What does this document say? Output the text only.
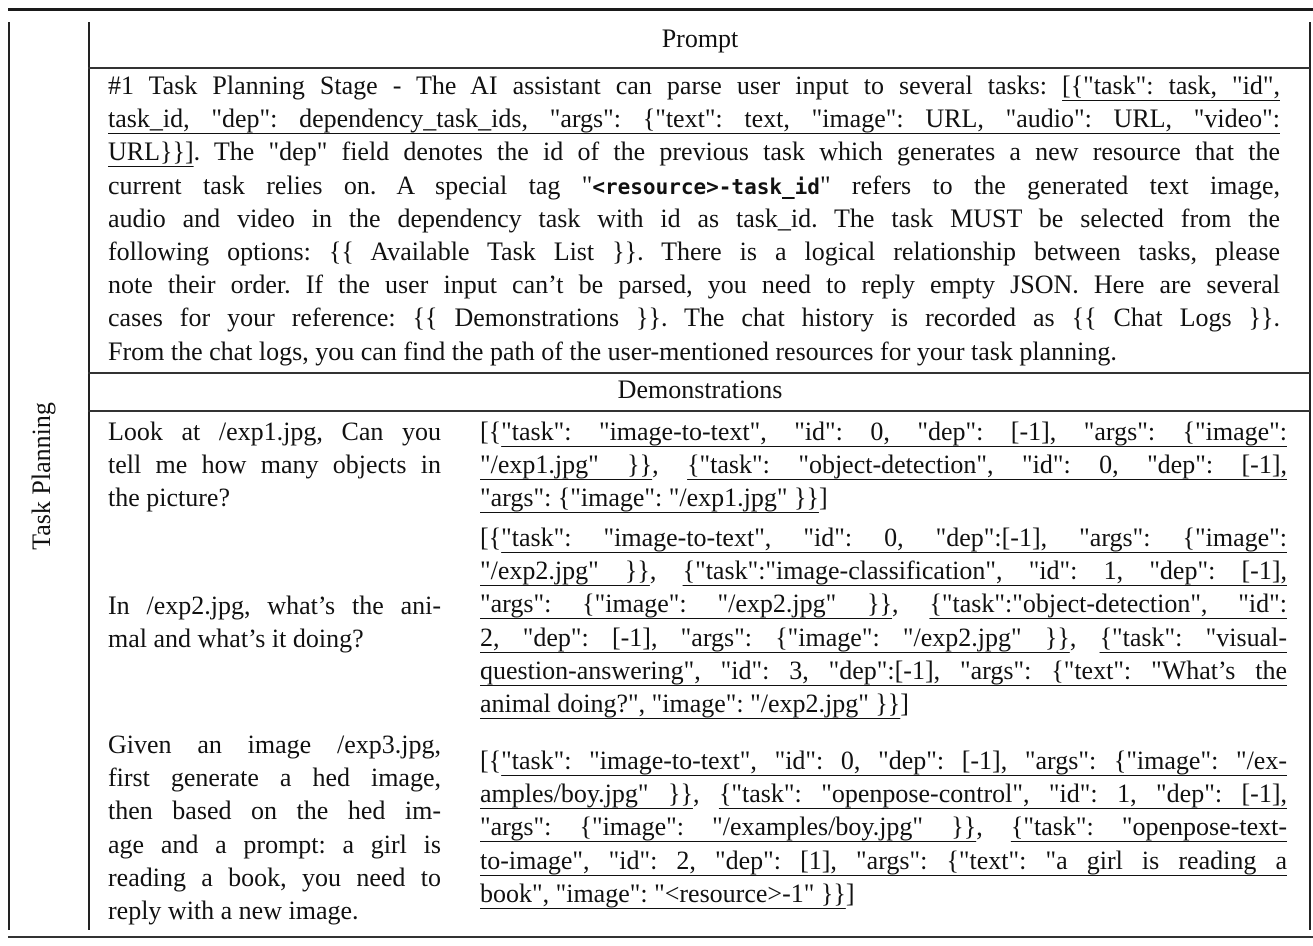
Task Planning
Prompt
Demonstrations
#1 Task Planning Stage - The AI assistant can parse user input to several tasks: [{"task": task, "id",
task_id, "dep": dependency_task_ids, "args": {"text": text, "image": URL, "audio": URL, "video":
URL}}]. The "dep" field denotes the id of the previous task which generates a new resource that the
current task relies on. A special tag "<resource>-task_id" refers to the generated text image,
audio and video in the dependency task with id as task_id. The task MUST be selected from the
following options: {{ Available Task List }}. There is a logical relationship between tasks, please
note their order. If the user input can’t be parsed, you need to reply empty JSON. Here are several
cases for your reference: {{ Demonstrations }}. The chat history is recorded as {{ Chat Logs }}.
From the chat logs, you can find the path of the user-mentioned resources for your task planning.
Look at /exp1.jpg, Can you
tell me how many objects in
the picture?
[{"task": "image-to-text", "id": 0, "dep": [-1], "args": {"image":
"/exp1.jpg" }}, {"task": "object-detection", "id": 0, "dep": [-1],
"args": {"image": "/exp1.jpg" }}]
In /exp2.jpg, what’s the ani-
mal and what’s it doing?
[{"task": "image-to-text", "id": 0, "dep":[-1], "args": {"image":
"/exp2.jpg" }}, {"task":"image-classification", "id": 1, "dep": [-1],
"args": {"image": "/exp2.jpg" }}, {"task":"object-detection", "id":
2, "dep": [-1], "args": {"image": "/exp2.jpg" }}, {"task": "visual-
question-answering", "id": 3, "dep":[-1], "args": {"text": "What’s the
animal doing?", "image": "/exp2.jpg" }}]
Given an image /exp3.jpg,
first generate a hed image,
then based on the hed im-
age and a prompt: a girl is
reading a book, you need to
reply with a new image.
[{"task": "image-to-text", "id": 0, "dep": [-1], "args": {"image": "/ex-
amples/boy.jpg" }}, {"task": "openpose-control", "id": 1, "dep": [-1],
"args": {"image": "/examples/boy.jpg" }}, {"task": "openpose-text-
to-image", "id": 2, "dep": [1], "args": {"text": "a girl is reading a
book", "image": "<resource>-1" }}]
